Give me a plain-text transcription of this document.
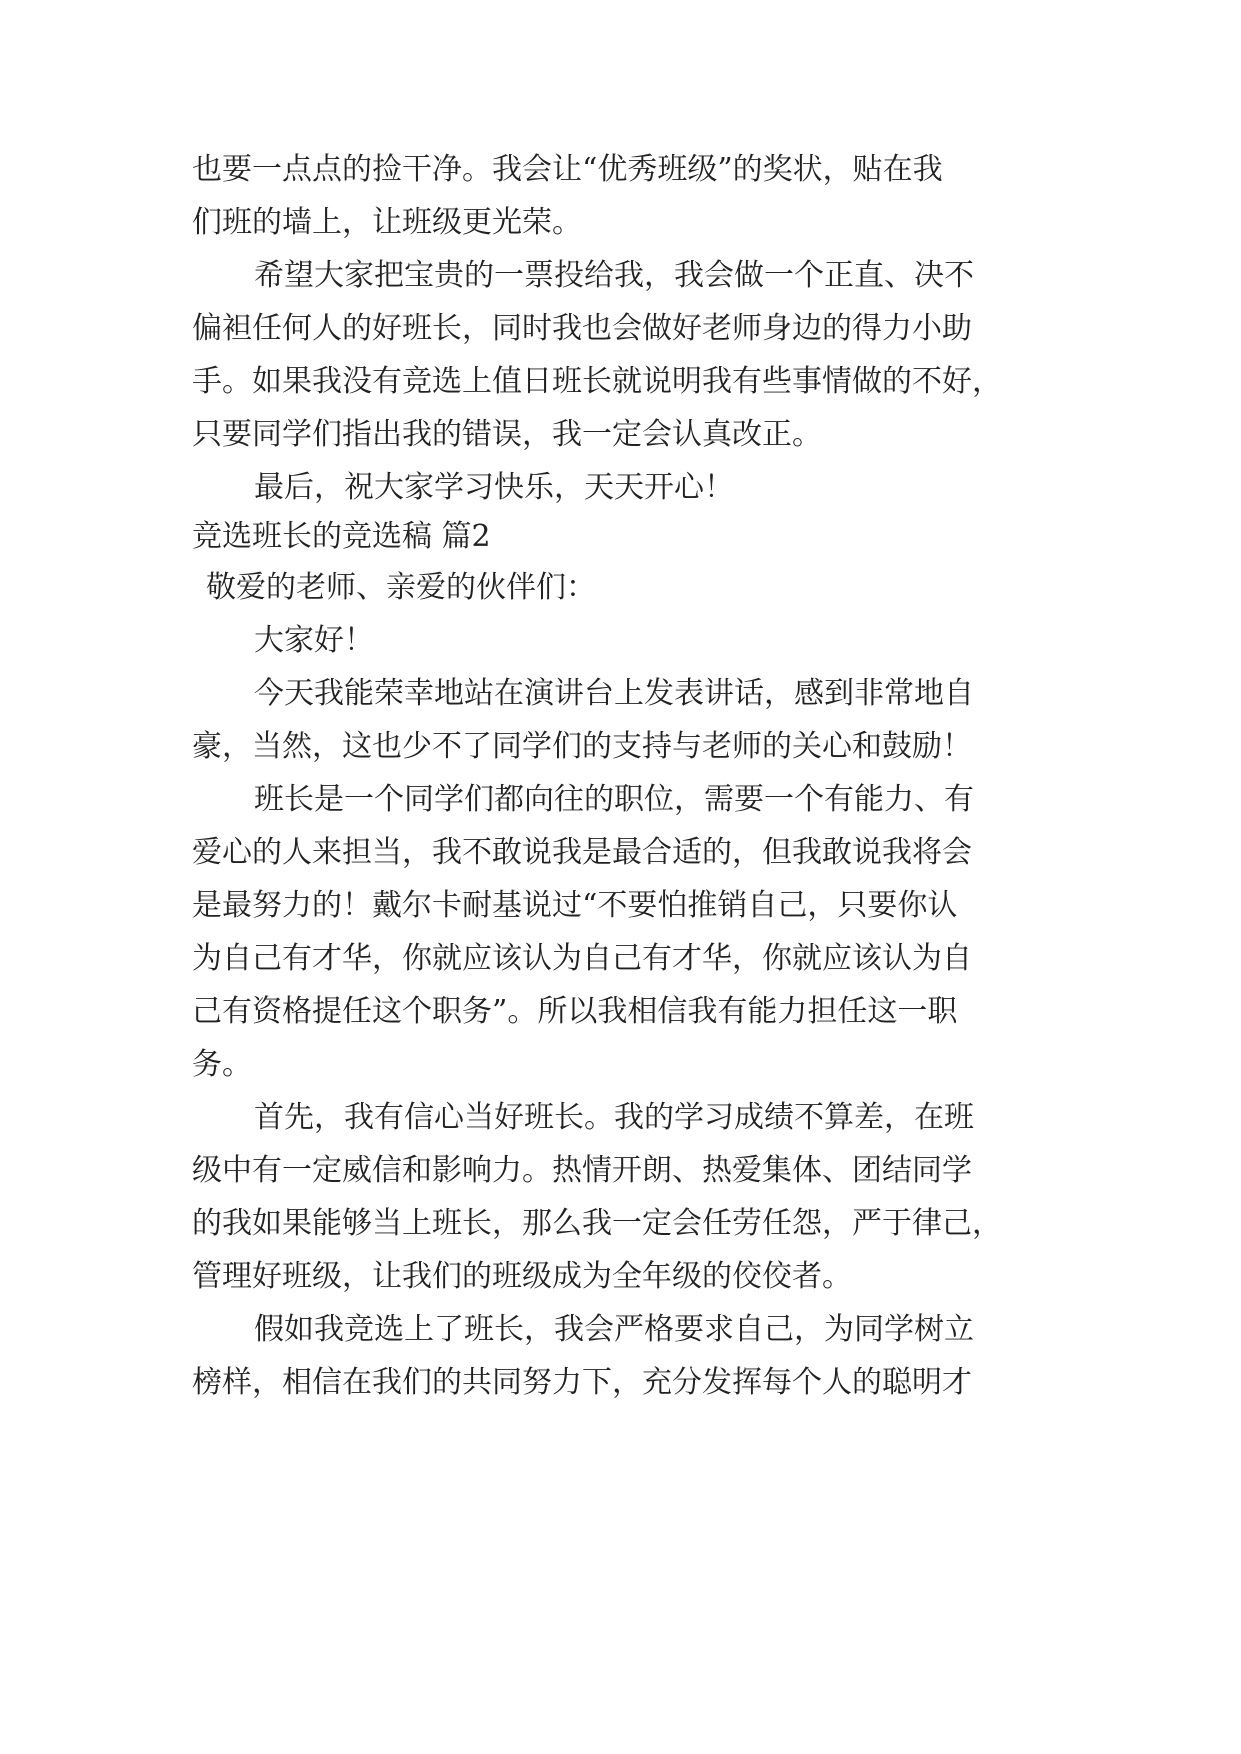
也要一点点的捡干净。我会让“优秀班级”的奖状，贴在我
们班的墙上，让班级更光荣。
希望大家把宝贵的一票投给我，我会做一个正直、决不
偏袒任何人的好班长，同时我也会做好老师身边的得力小助
手。如果我没有竞选上值日班长就说明我有些事情做的不好，
只要同学们指出我的错误，我一定会认真改正。
最后，祝大家学习快乐，天天开心！
竞选班长的竞选稿 篇2
敬爱的老师、亲爱的伙伴们：
大家好！
今天我能荣幸地站在演讲台上发表讲话，感到非常地自
豪，当然，这也少不了同学们的支持与老师的关心和鼓励！
班长是一个同学们都向往的职位，需要一个有能力、有
爱心的人来担当，我不敢说我是最合适的，但我敢说我将会
是最努力的！戴尔卡耐基说过“不要怕推销自己，只要你认
为自己有才华，你就应该认为自己有才华，你就应该认为自
己有资格提任这个职务”。所以我相信我有能力担任这一职
务。
首先，我有信心当好班长。我的学习成绩不算差，在班
级中有一定威信和影响力。热情开朗、热爱集体、团结同学
的我如果能够当上班长，那么我一定会任劳任怨，严于律己，
管理好班级，让我们的班级成为全年级的佼佼者。
假如我竞选上了班长，我会严格要求自己，为同学树立
榜样，相信在我们的共同努力下，充分发挥每个人的聪明才
